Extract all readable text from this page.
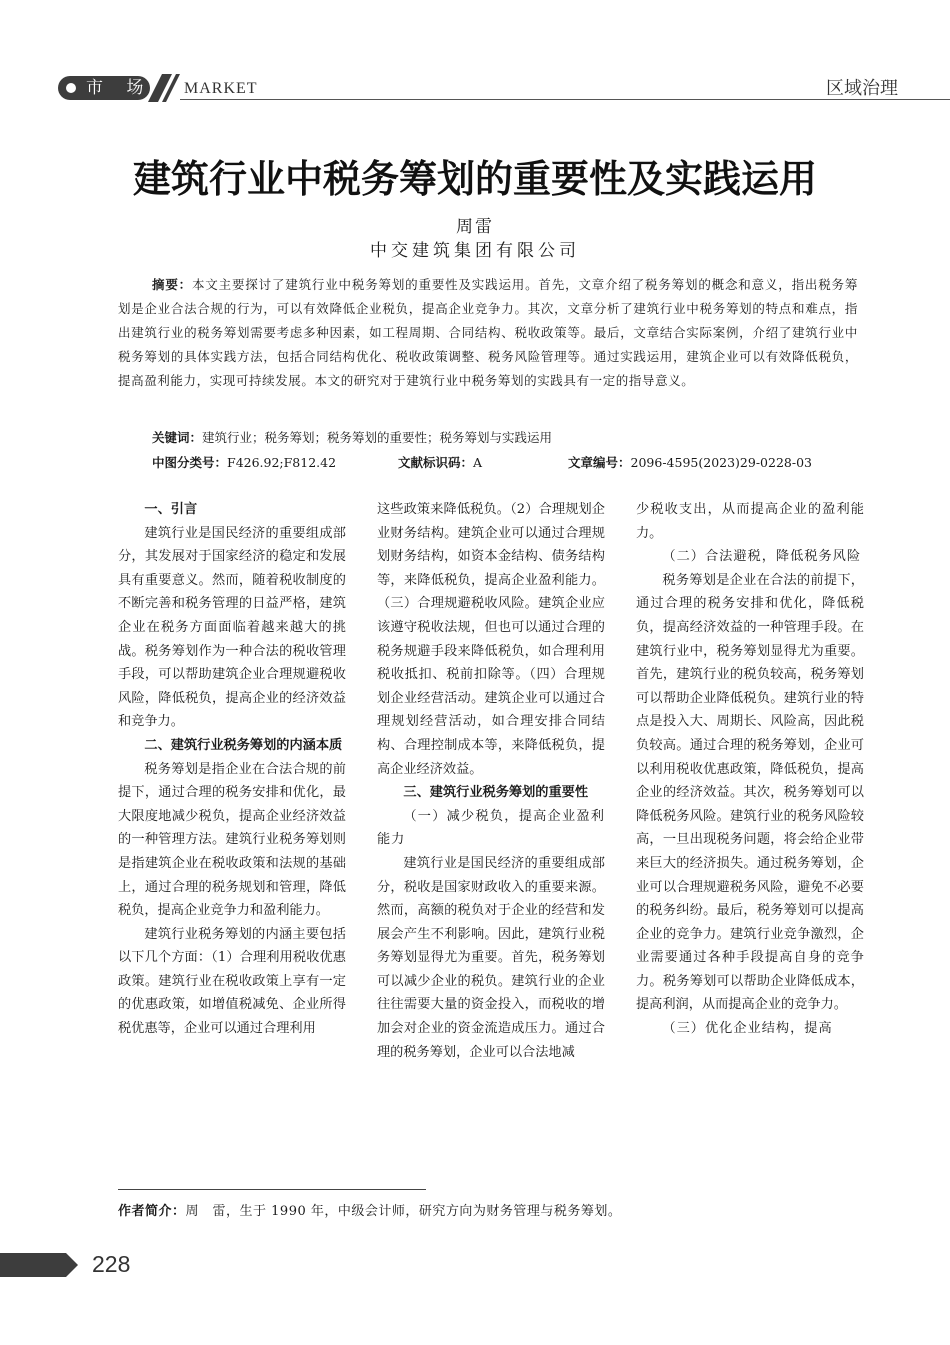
市 场 MARKET	区域治理
建筑行业中税务筹划的重要性及实践运用
周雷
中交建筑集团有限公司
摘要：本文主要探讨了建筑行业中税务筹划的重要性及实践运用。首先，文章介绍了税务筹划的概念和意义，指出税务筹划是企业合法合规的行为，可以有效降低企业税负，提高企业竞争力。其次，文章分析了建筑行业中税务筹划的特点和难点，指出建筑行业的税务筹划需要考虑多种因素，如工程周期、合同结构、税收政策等。最后，文章结合实际案例，介绍了建筑行业中税务筹划的具体实践方法，包括合同结构优化、税收政策调整、税务风险管理等。通过实践运用，建筑企业可以有效降低税负，提高盈利能力，实现可持续发展。本文的研究对于建筑行业中税务筹划的实践具有一定的指导意义。
关键词：建筑行业；税务筹划；税务筹划的重要性；税务筹划与实践运用
中图分类号：F426.92;F812.42	文献标识码：A	文章编号：2096-4595(2023)29-0228-03

一、引言

建筑行业是国民经济的重要组成部分，其发展对于国家经济的稳定和发展具有重要意义。然而，随着税收制度的不断完善和税务管理的日益严格，建筑企业在税务方面面临着越来越大的挑战。税务筹划作为一种合法的税收管理手段，可以帮助建筑企业合理规避税收风险，降低税负，提高企业的经济效益和竞争力。

二、建筑行业税务筹划的内涵本质

税务筹划是指企业在合法合规的前提下，通过合理的税务安排和优化，最大限度地减少税负，提高企业经济效益的一种管理方法。建筑行业税务筹划则是指建筑企业在税收政策和法规的基础上，通过合理的税务规划和管理，降低税负，提高企业竞争力和盈利能力。

建筑行业税务筹划的内涵主要包括以下几个方面：（1）合理利用税收优惠政策。建筑行业在税收政策上享有一定的优惠政策，如增值税减免、企业所得税优惠等，企业可以通过合理利用

这些政策来降低税负。（2）合理规划企业财务结构。建筑企业可以通过合理规划财务结构，如资本金结构、债务结构等，来降低税负，提高企业盈利能力。（三）合理规避税收风险。建筑企业应该遵守税收法规，但也可以通过合理的税务规避手段来降低税负，如合理利用税收抵扣、税前扣除等。（四）合理规划企业经营活动。建筑企业可以通过合理规划经营活动，如合理安排合同结构、合理控制成本等，来降低税负，提高企业经济效益。

三、建筑行业税务筹划的重要性

（一）减少税负，提高企业盈利能力

建筑行业是国民经济的重要组成部分，税收是国家财政收入的重要来源。然而，高额的税负对于企业的经营和发展会产生不利影响。因此，建筑行业税务筹划显得尤为重要。首先，税务筹划可以减少企业的税负。建筑行业的企业往往需要大量的资金投入，而税收的增加会对企业的资金流造成压力。通过合理的税务筹划，企业可以合法地减

少税收支出，从而提高企业的盈利能力。

（二）合法避税，降低税务风险

税务筹划是企业在合法的前提下，通过合理的税务安排和优化，降低税负，提高经济效益的一种管理手段。在建筑行业中，税务筹划显得尤为重要。首先，建筑行业的税负较高，税务筹划可以帮助企业降低税负。建筑行业的特点是投入大、周期长、风险高，因此税负较高。通过合理的税务筹划，企业可以利用税收优惠政策，降低税负，提高企业的经济效益。其次，税务筹划可以降低税务风险。建筑行业的税务风险较高，一旦出现税务问题，将会给企业带来巨大的经济损失。通过税务筹划，企业可以合理规避税务风险，避免不必要的税务纠纷。最后，税务筹划可以提高企业的竞争力。建筑行业竞争激烈，企业需要通过各种手段提高自身的竞争力。税务筹划可以帮助企业降低成本，提高利润，从而提高企业的竞争力。

（三）优化企业结构，提高

作者简介：周　雷，生于 1990 年，中级会计师，研究方向为财务管理与税务筹划。
228
